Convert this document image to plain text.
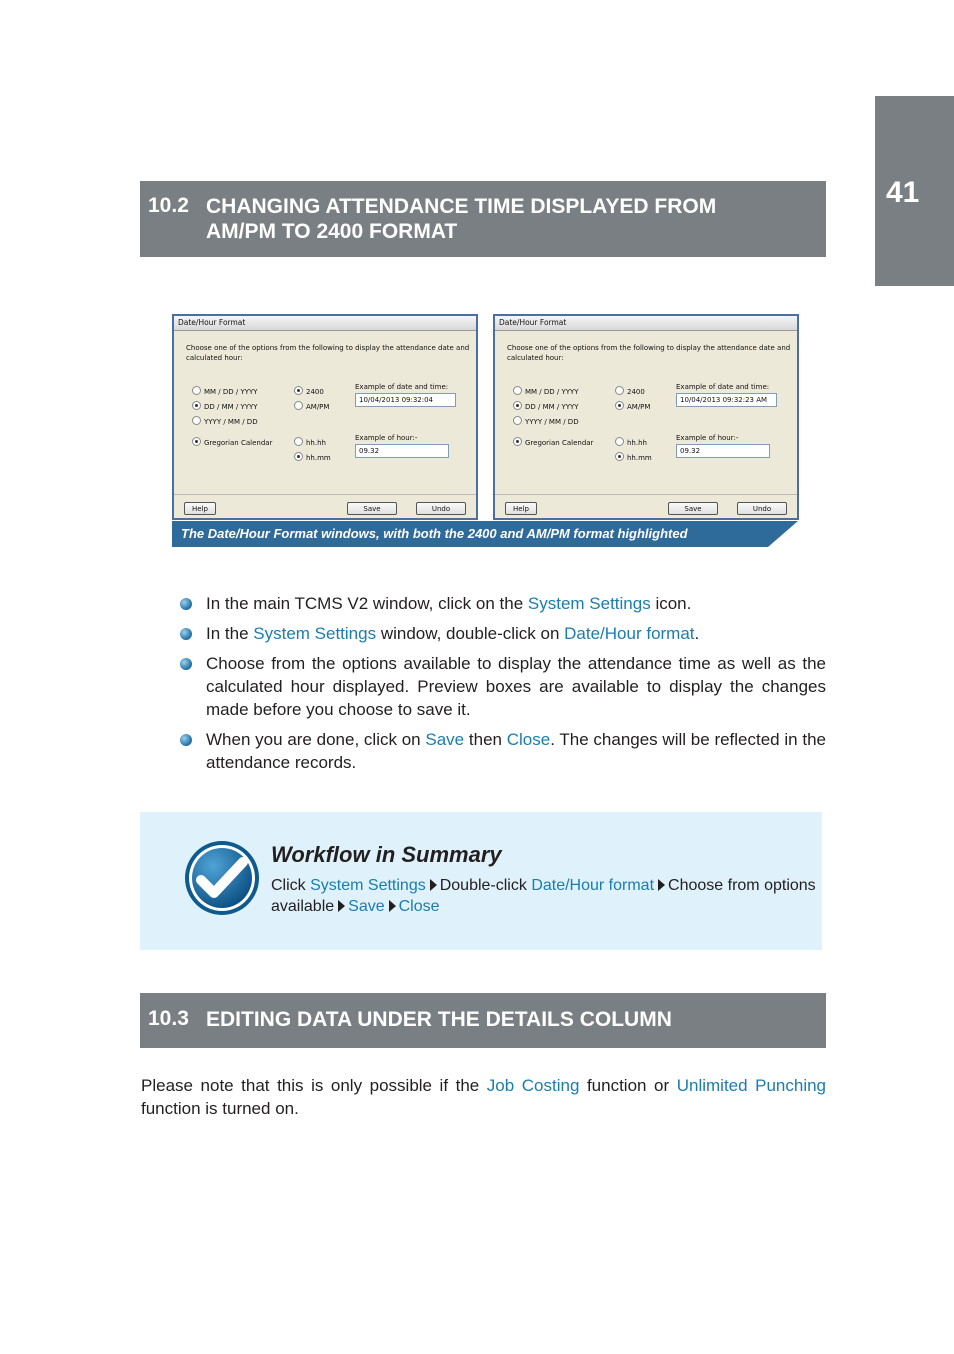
41
10.2 CHANGING ATTENDANCE TIME DISPLAYED FROM
AM/PM TO 2400 FORMAT
Date/Hour Format
Choose one of the options from the following to display the attendance date and
calculated hour:
MM / DD / YYYY
DD / MM / YYYY
YYYY / MM / DD
2400
AM/PM
Gregorian Calendar	hh.hh
hh.mm
Example of date and time:
10/04/2013 09:32:04
Example of hour:-
09.32
Help	Save	Undo
Date/Hour Format
Choose one of the options from the following to display the attendance date and
calculated hour:
MM / DD / YYYY
DD / MM / YYYY
YYYY / MM / DD
2400
AM/PM
Gregorian Calendar	hh.hh
hh.mm
Example of date and time:
10/04/2013 09:32:23 AM
Example of hour:-
09.32
Help	Save	Undo
The Date/Hour Format windows, with both the 2400 and AM/PM format highlighted
In the main TCMS V2 window, click on the System Settings icon.
In the System Settings window, double-click on Date/Hour format.
Choose from the options available to display the attendance time as well as the calculated hour displayed. Preview boxes are available to display the changes made before you choose to save it.
When you are done, click on Save then Close. The changes will be reflected in the attendance records.
Workflow in Summary
Click System Settings Double-click Date/Hour format Choose from options available Save Close
10.3 EDITING DATA UNDER THE DETAILS COLUMN
Please note that this is only possible if the Job Costing function or Unlimited Punching function is turned on.
